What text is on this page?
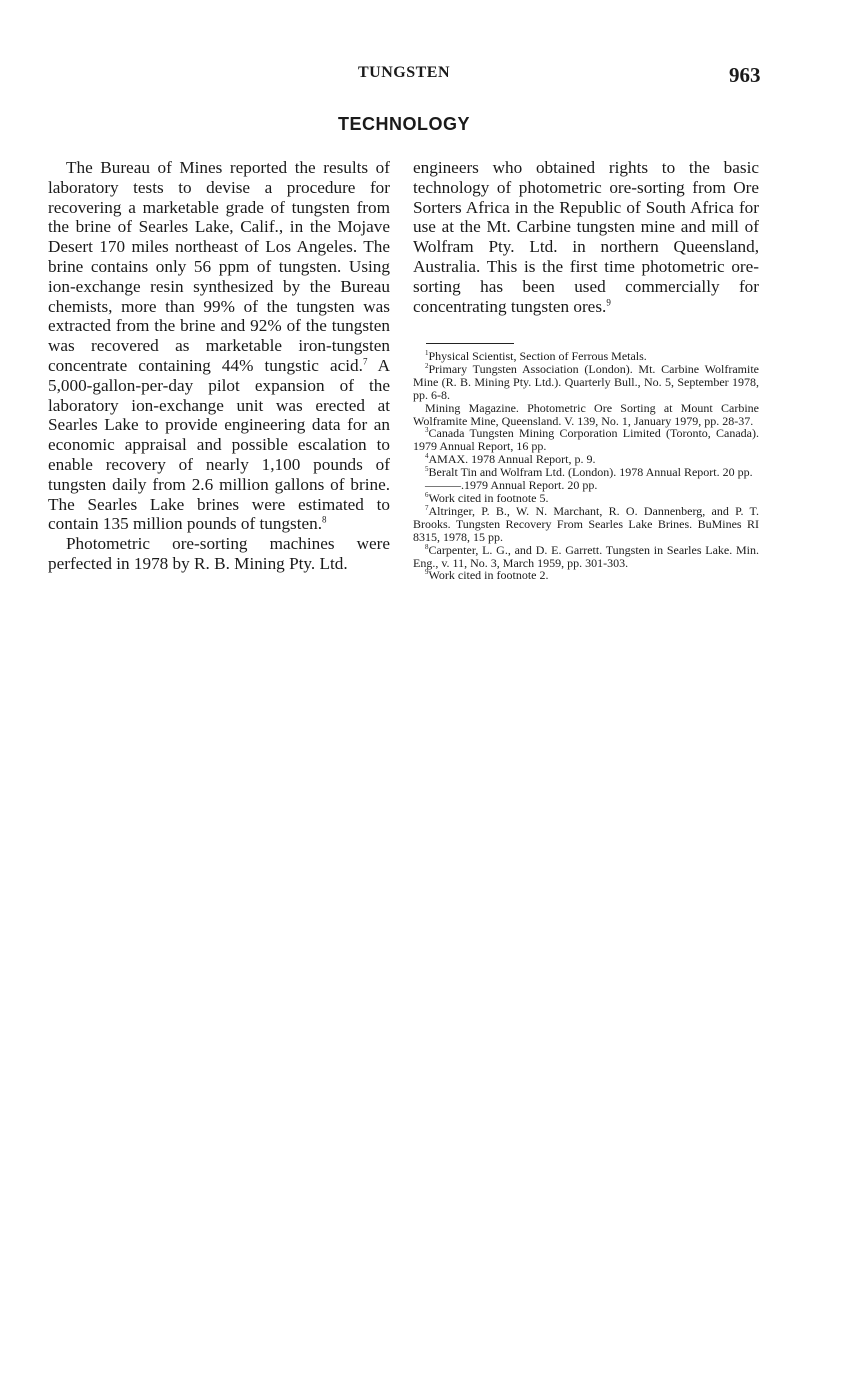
TUNGSTEN	963
TECHNOLOGY

The Bureau of Mines reported the results of laboratory tests to devise a procedure for recovering a marketable grade of tungsten from the brine of Searles Lake, Calif., in the Mojave Desert 170 miles northeast of Los Angeles. The brine contains only 56 ppm of tungsten. Using ion-exchange resin synthesized by the Bureau chemists, more than 99% of the tungsten was extracted from the brine and 92% of the tungsten was recovered as marketable iron-tungsten concentrate containing 44% tungstic acid.$^7$ A 5,000-gallon-per-day pilot expansion of the laboratory ion-exchange unit was erected at Searles Lake to provide engineering data for an economic appraisal and possible escalation to enable recovery of nearly 1,100 pounds of tungsten daily from 2.6 million gallons of brine. The Searles Lake brines were estimated to contain 135 million pounds of tungsten.$^8$

Photometric ore-sorting machines were perfected in 1978 by R. B. Mining Pty. Ltd.

engineers who obtained rights to the basic technology of photometric ore-sorting from Ore Sorters Africa in the Republic of South Africa for use at the Mt. Carbine tungsten mine and mill of Wolfram Pty. Ltd. in northern Queensland, Australia. This is the first time photometric ore-sorting has been used commercially for concentrating tungsten ores.$^9$

$^1$Physical Scientist, Section of Ferrous Metals.

$^2$Primary Tungsten Association (London). Mt. Carbine Wolframite Mine (R. B. Mining Pty. Ltd.). Quarterly Bull., No. 5, September 1978, pp. 6-8.

Mining Magazine. Photometric Ore Sorting at Mount Carbine Wolframite Mine, Queensland. V. 139, No. 1, January 1979, pp. 28-37.

$^3$Canada Tungsten Mining Corporation Limited (Toronto, Canada). 1979 Annual Report, 16 pp.

$^4$AMAX. 1978 Annual Report, p. 9.

$^5$Beralt Tin and Wolfram Ltd. (London). 1978 Annual Report. 20 pp.

———.1979 Annual Report. 20 pp.

$^6$Work cited in footnote 5.

$^7$Altringer, P. B., W. N. Marchant, R. O. Dannenberg, and P. T. Brooks. Tungsten Recovery From Searles Lake Brines. BuMines RI 8315, 1978, 15 pp.

$^8$Carpenter, L. G., and D. E. Garrett. Tungsten in Searles Lake. Min. Eng., v. 11, No. 3, March 1959, pp. 301-303.

$^9$Work cited in footnote 2.
